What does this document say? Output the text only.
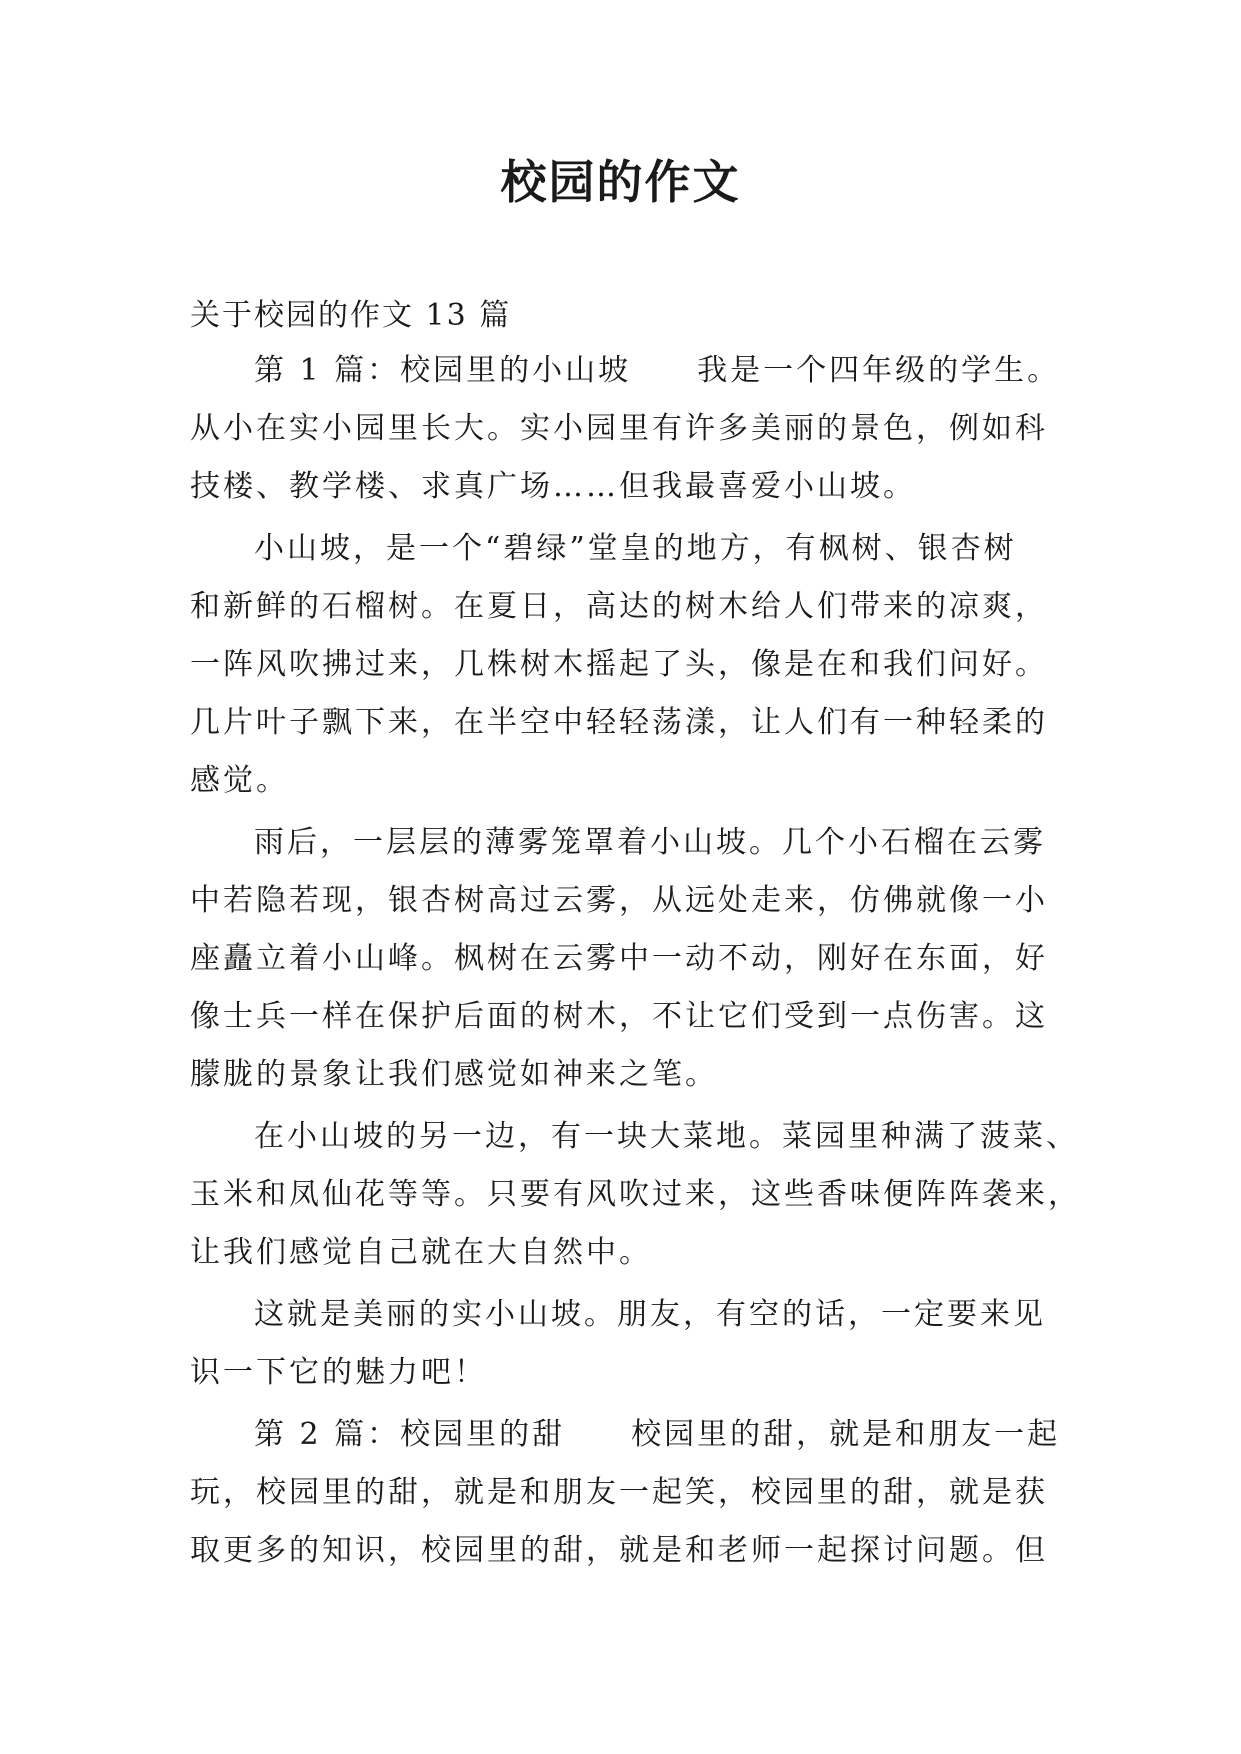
校园的作文

关于校园的作文 13 篇

第 1 篇：校园里的小山坡　　我是一个四年级的学生。

从小在实小园里长大。实小园里有许多美丽的景色，例如科

技楼、教学楼、求真广场……但我最喜爱小山坡。

小山坡，是一个“碧绿”堂皇的地方，有枫树、银杏树

和新鲜的石榴树。在夏日，高达的树木给人们带来的凉爽，

一阵风吹拂过来，几株树木摇起了头，像是在和我们问好。

几片叶子飘下来，在半空中轻轻荡漾，让人们有一种轻柔的

感觉。

雨后，一层层的薄雾笼罩着小山坡。几个小石榴在云雾

中若隐若现，银杏树高过云雾，从远处走来，仿佛就像一小

座矗立着小山峰。枫树在云雾中一动不动，刚好在东面，好

像士兵一样在保护后面的树木，不让它们受到一点伤害。这

朦胧的景象让我们感觉如神来之笔。

在小山坡的另一边，有一块大菜地。菜园里种满了菠菜、

玉米和凤仙花等等。只要有风吹过来，这些香味便阵阵袭来，

让我们感觉自己就在大自然中。

这就是美丽的实小山坡。朋友，有空的话，一定要来见

识一下它的魅力吧！

第 2 篇：校园里的甜　　校园里的甜，就是和朋友一起

玩，校园里的甜，就是和朋友一起笑，校园里的甜，就是获

取更多的知识，校园里的甜，就是和老师一起探讨问题。但
